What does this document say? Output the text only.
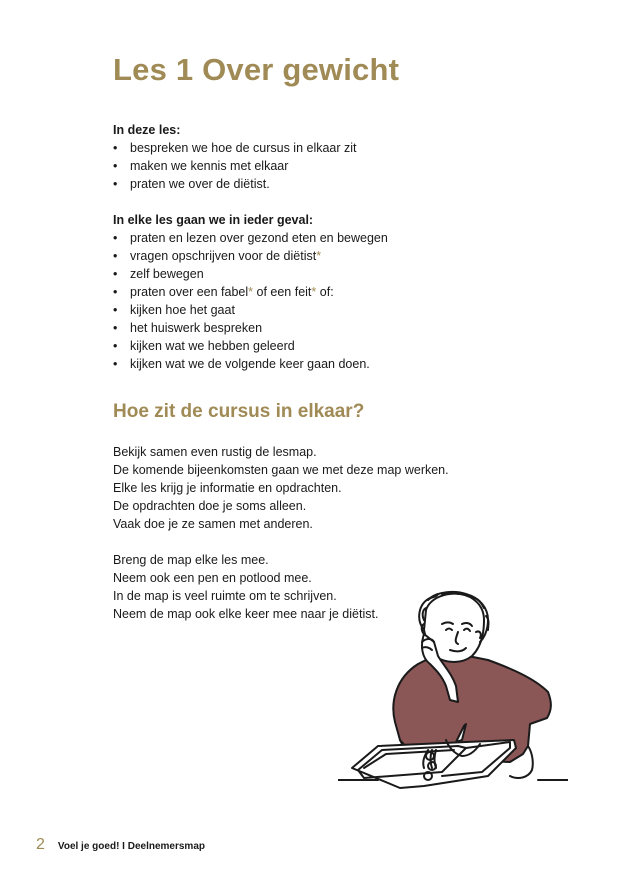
Les 1 Over gewicht

In deze les:

• bespreken we hoe de cursus in elkaar zit
• maken we kennis met elkaar
• praten we over de diëtist.

In elke les gaan we in ieder geval:

• praten en lezen over gezond eten en bewegen
• vragen opschrijven voor de diëtist*
• zelf bewegen
• praten over een fabel* of een feit* of:
• kijken hoe het gaat
• het huiswerk bespreken
• kijken wat we hebben geleerd
• kijken wat we de volgende keer gaan doen.
Hoe zit de cursus in elkaar?

Bekijk samen even rustig de lesmap.

De komende bijeenkomsten gaan we met deze map werken.

Elke les krijg je informatie en opdrachten.

De opdrachten doe je soms alleen.

Vaak doe je ze samen met anderen.

Breng de map elke les mee.

Neem ook een pen en potlood mee.

In de map is veel ruimte om te schrijven.

Neem de map ook elke keer mee naar je diëtist.

2 Voel je goed! I Deelnemersmap
